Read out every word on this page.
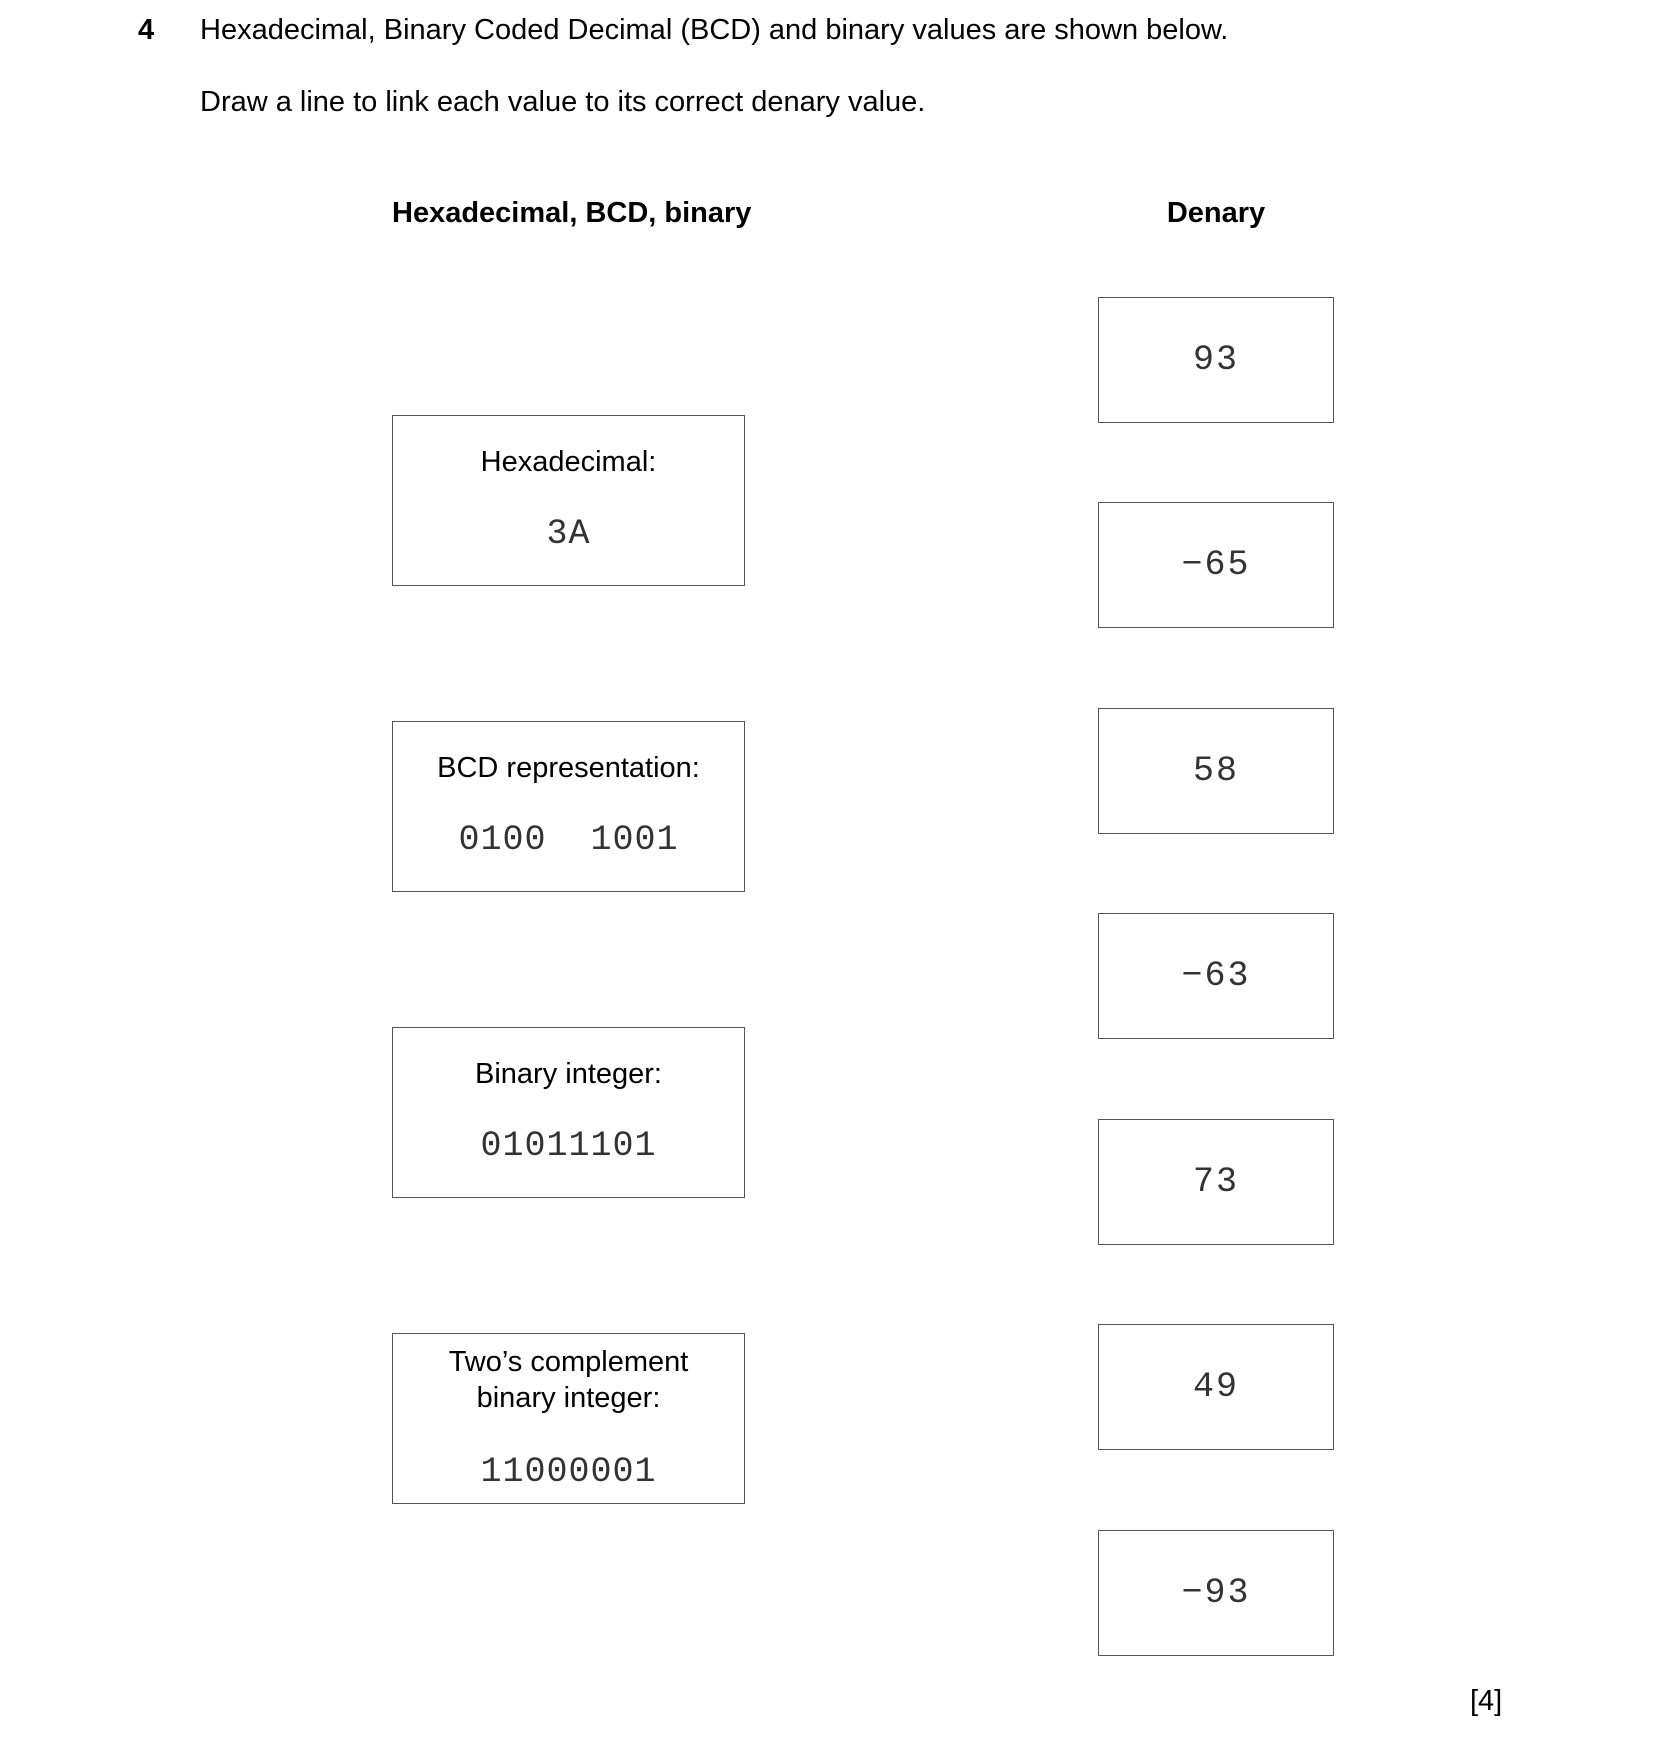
4 Hexadecimal, Binary Coded Decimal (BCD) and binary values are shown below.
Draw a line to link each value to its correct denary value.
Hexadecimal, BCD, binary	Denary
Hexadecimal:
3A
BCD representation:
0100  1001
Binary integer:
01011101
Two’s complement
binary integer:
11000001
93
−65
58
−63
73
49
−93
[4]
